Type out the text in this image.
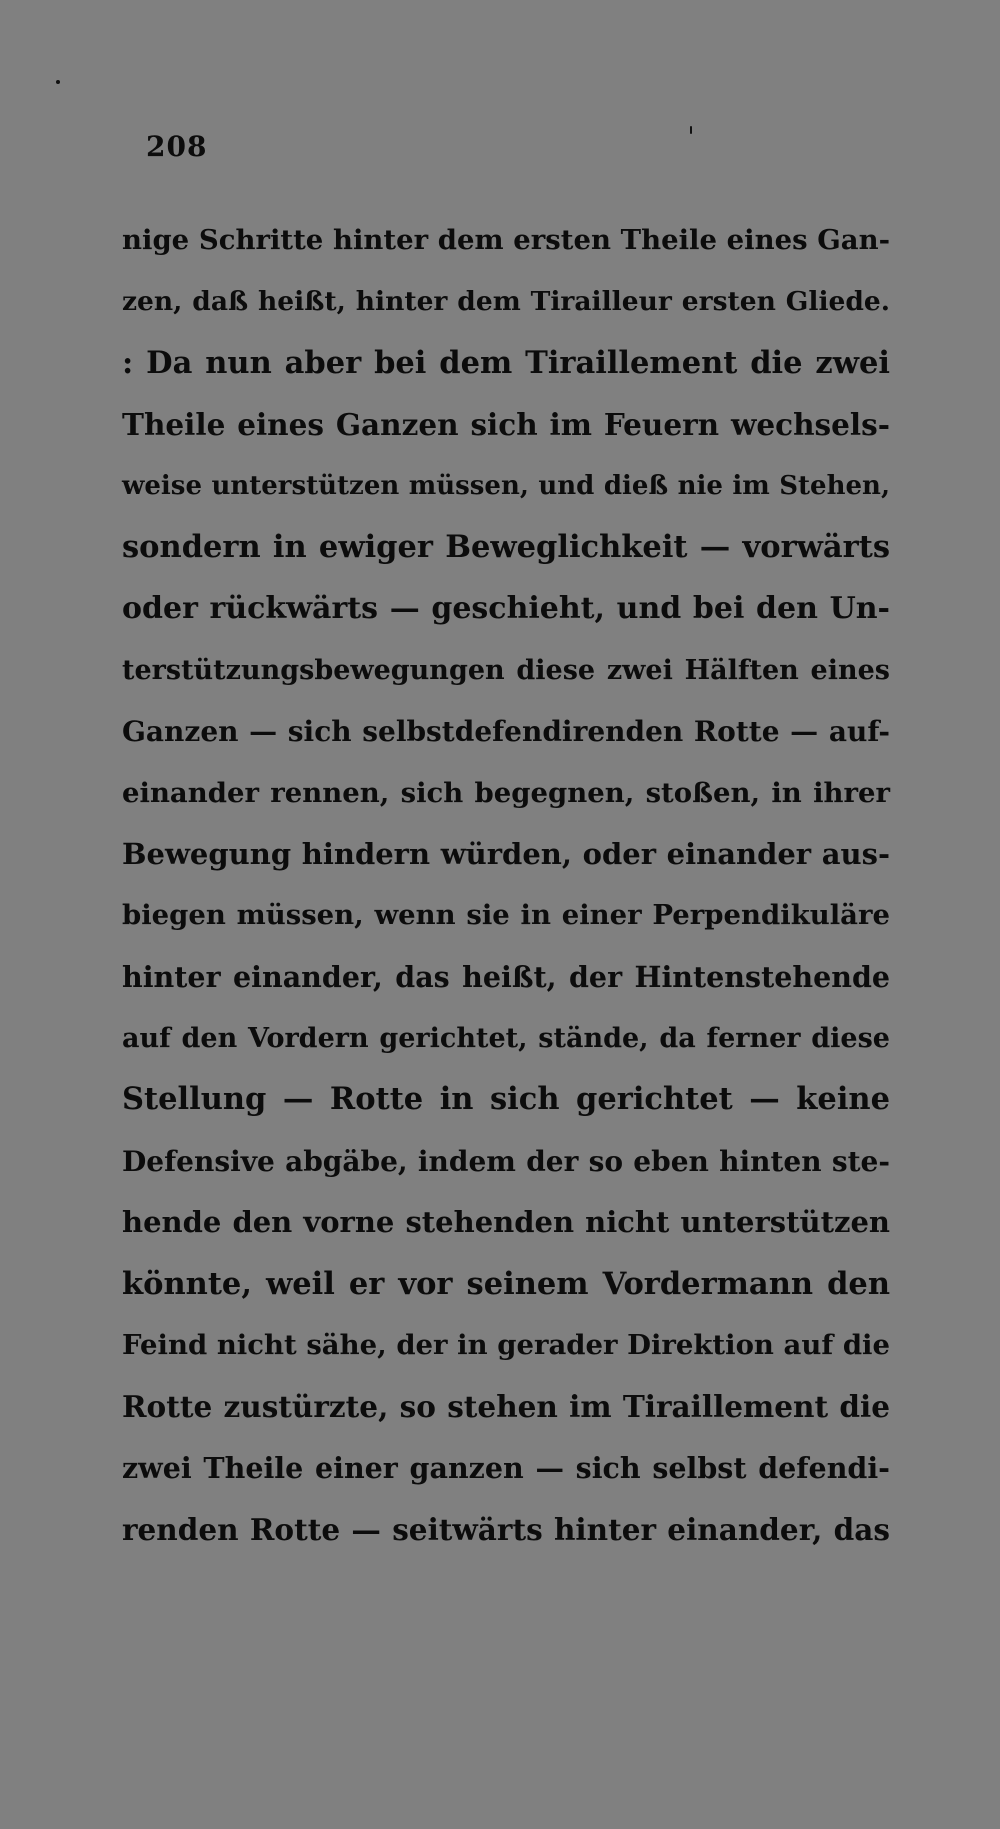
208
nige Schritte hinter dem ersten Theile eines Gan-
zen, daß heißt, hinter dem Tirailleur ersten Gliede.
: Da nun aber bei dem Tiraillement die zwei
Theile eines Ganzen sich im Feuern wechsels-
weise unterstützen müssen, und dieß nie im Stehen,
sondern in ewiger Beweglichkeit — vorwärts
oder rückwärts — geschieht, und bei den Un-
terstützungsbewegungen diese zwei Hälften eines
Ganzen — sich selbstdefendirenden Rotte — auf-
einander rennen, sich begegnen, stoßen, in ihrer
Bewegung hindern würden, oder einander aus-
biegen müssen, wenn sie in einer Perpendikuläre
hinter einander, das heißt, der Hintenstehende
auf den Vordern gerichtet, stände, da ferner diese
Stellung — Rotte in sich gerichtet — keine
Defensive abgäbe, indem der so eben hinten ste-
hende den vorne stehenden nicht unterstützen
könnte, weil er vor seinem Vordermann den
Feind nicht sähe, der in gerader Direktion auf die
Rotte zustürzte, so stehen im Tiraillement die
zwei Theile einer ganzen — sich selbst defendi-
renden Rotte — seitwärts hinter einander, das
